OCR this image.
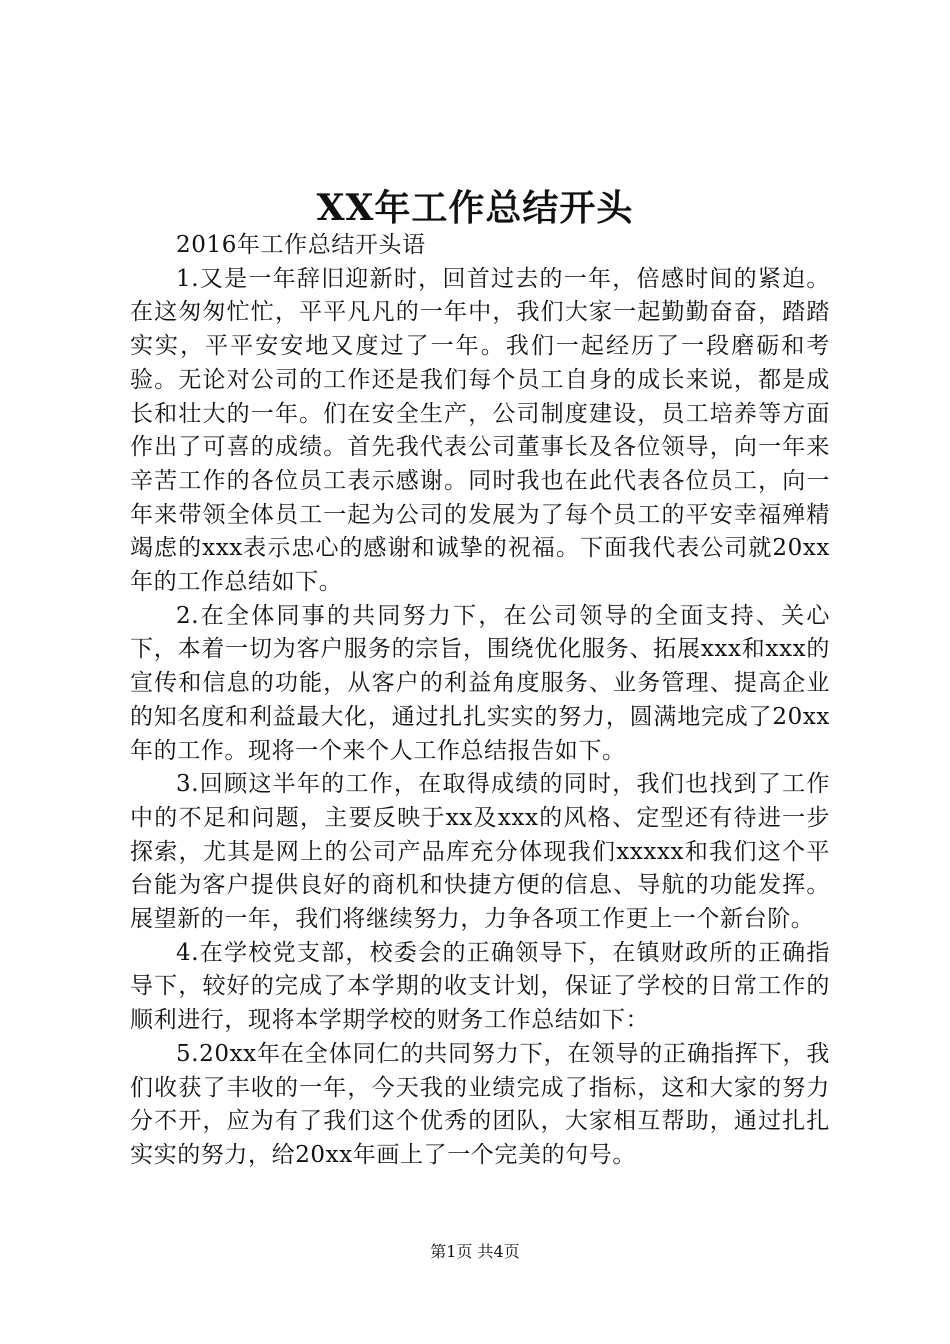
XX年工作总结开头

2016年工作总结开头语

1.又是一年辞旧迎新时，回首过去的一年，倍感时间的紧迫。在这匆匆忙忙，平平凡凡的一年中，我们大家一起勤勤奋奋，踏踏实实，平平安安地又度过了一年。我们一起经历了一段磨砺和考验。无论对公司的工作还是我们每个员工自身的成长来说，都是成长和壮大的一年。们在安全生产，公司制度建设，员工培养等方面作出了可喜的成绩。首先我代表公司董事长及各位领导，向一年来辛苦工作的各位员工表示感谢。同时我也在此代表各位员工，向一年来带领全体员工一起为公司的发展为了每个员工的平安幸福殚精竭虑的xxx表示忠心的感谢和诚挚的祝福。下面我代表公司就20xx年的工作总结如下。

2.在全体同事的共同努力下，在公司领导的全面支持、关心下，本着一切为客户服务的宗旨，围绕优化服务、拓展xxx和xxx的宣传和信息的功能，从客户的利益角度服务、业务管理、提高企业的知名度和利益最大化，通过扎扎实实的努力，圆满地完成了20xx年的工作。现将一个来个人工作总结报告如下。

3.回顾这半年的工作，在取得成绩的同时，我们也找到了工作中的不足和问题，主要反映于xx及xxx的风格、定型还有待进一步探索，尤其是网上的公司产品库充分体现我们xxxxx和我们这个平台能为客户提供良好的商机和快捷方便的信息、导航的功能发挥。展望新的一年，我们将继续努力，力争各项工作更上一个新台阶。

4.在学校党支部，校委会的正确领导下，在镇财政所的正确指导下，较好的完成了本学期的收支计划，保证了学校的日常工作的顺利进行，现将本学期学校的财务工作总结如下：

5.20xx年在全体同仁的共同努力下，在领导的正确指挥下，我们收获了丰收的一年，今天我的业绩完成了指标，这和大家的努力分不开，应为有了我们这个优秀的团队，大家相互帮助，通过扎扎实实的努力，给20xx年画上了一个完美的句号。

第1页 共4页
